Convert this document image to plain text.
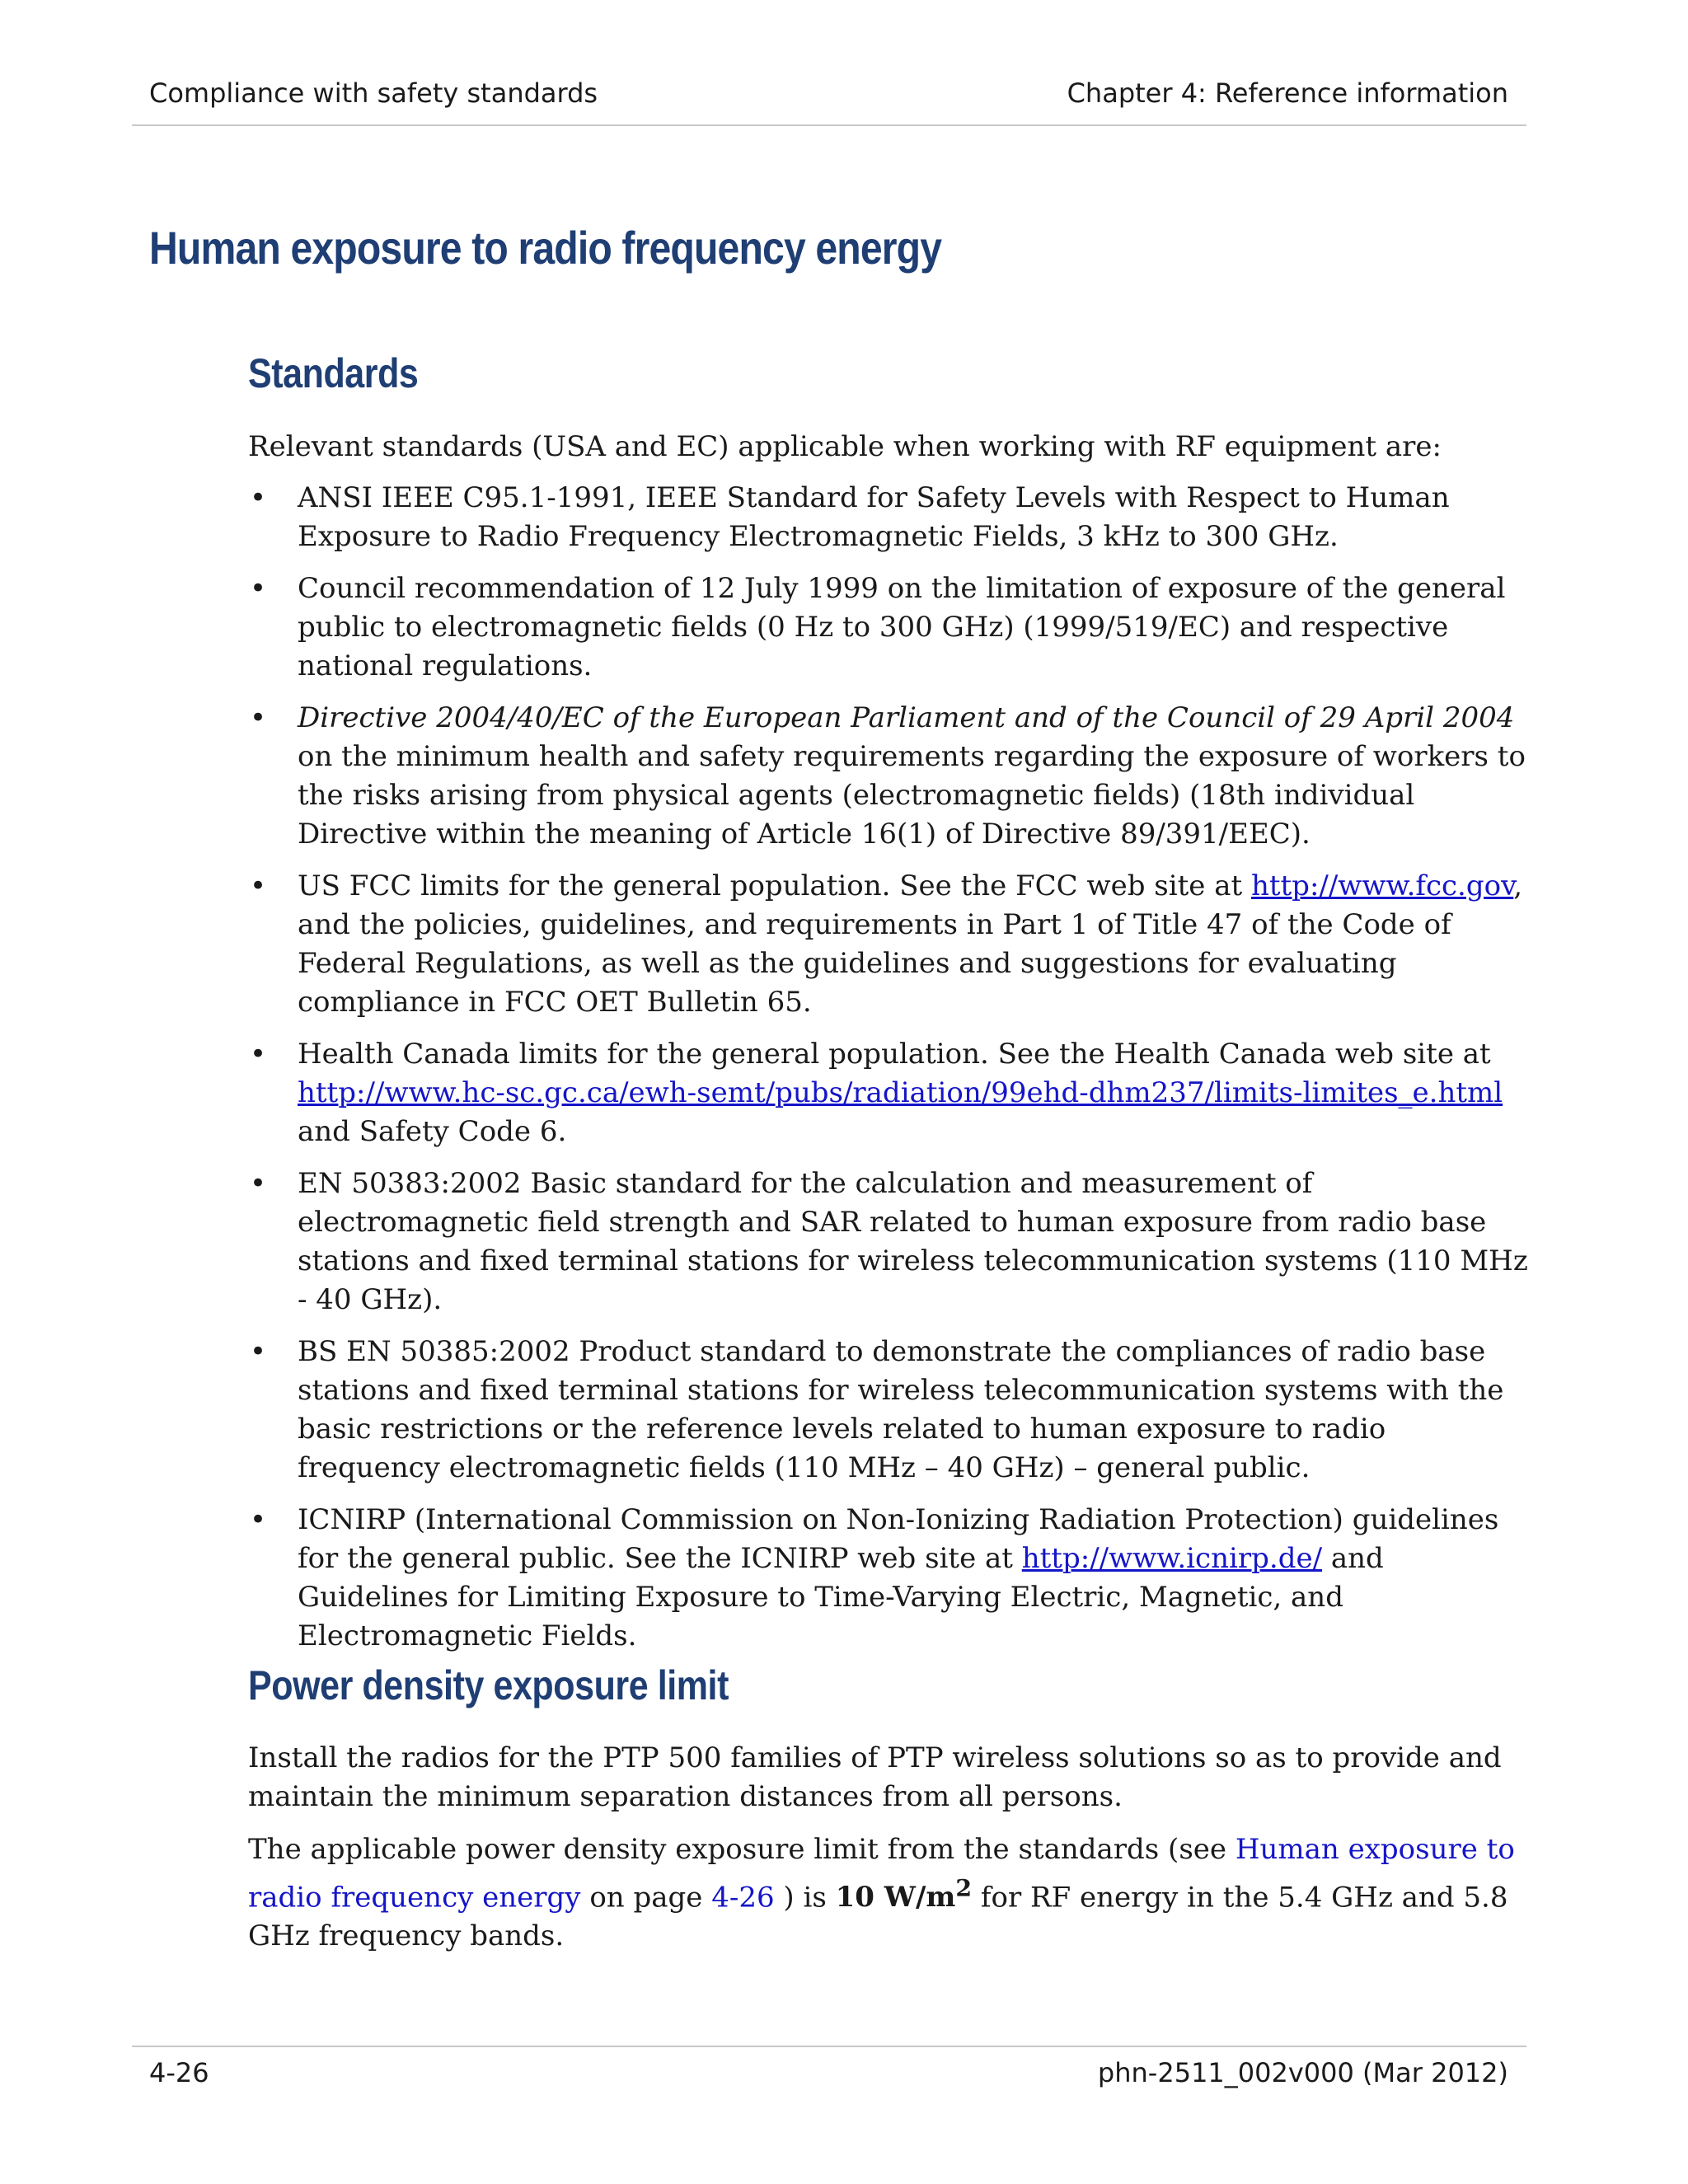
Compliance with safety standards	Chapter 4: Reference information
Human exposure to radio frequency energy
Standards

Relevant standards (USA and EC) applicable when working with RF equipment are:

• ANSI IEEE C95.1-1991, IEEE Standard for Safety Levels with Respect to Human Exposure to Radio Frequency Electromagnetic Fields, 3 kHz to 300 GHz.
• Council recommendation of 12 July 1999 on the limitation of exposure of the general public to electromagnetic fields (0 Hz to 300 GHz) (1999/519/EC) and respective national regulations.
• Directive 2004/40/EC of the European Parliament and of the Council of 29 April 2004 on the minimum health and safety requirements regarding the exposure of workers to the risks arising from physical agents (electromagnetic fields) (18th individual Directive within the meaning of Article 16(1) of Directive 89/391/EEC).
• US FCC limits for the general population. See the FCC web site at http://www.fcc.gov, and the policies, guidelines, and requirements in Part 1 of Title 47 of the Code of Federal Regulations, as well as the guidelines and suggestions for evaluating compliance in FCC OET Bulletin 65.
• Health Canada limits for the general population. See the Health Canada web site at http://www.hc-sc.gc.ca/ewh-semt/pubs/radiation/99ehd-dhm237/limits-limites_e.html and Safety Code 6.
• EN 50383:2002 Basic standard for the calculation and measurement of electromagnetic field strength and SAR related to human exposure from radio base stations and fixed terminal stations for wireless telecommunication systems (110 MHz - 40 GHz).
• BS EN 50385:2002 Product standard to demonstrate the compliances of radio base stations and fixed terminal stations for wireless telecommunication systems with the basic restrictions or the reference levels related to human exposure to radio frequency electromagnetic fields (110 MHz – 40 GHz) – general public.
• ICNIRP (International Commission on Non-Ionizing Radiation Protection) guidelines for the general public. See the ICNIRP web site at http://www.icnirp.de/ and Guidelines for Limiting Exposure to Time-Varying Electric, Magnetic, and Electromagnetic Fields.
Power density exposure limit

Install the radios for the PTP 500 families of PTP wireless solutions so as to provide and maintain the minimum separation distances from all persons.

The applicable power density exposure limit from the standards (see Human exposure to radio frequency energy on page 4-26 ) is 10 $W/m^2$ for RF energy in the 5.4 GHz and 5.8 GHz frequency bands.

4-26	phn-2511_002v000 (Mar 2012)
